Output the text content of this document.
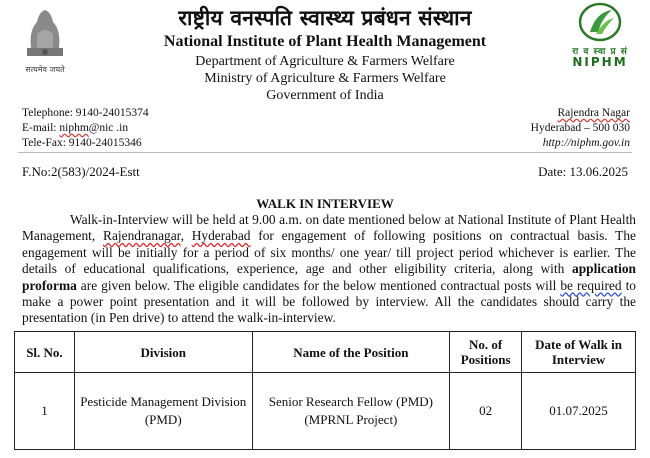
सत्यमेव जयते
राष्ट्रीय वनस्पति स्वास्थ्य प्रबंधन संस्थान
National Institute of Plant Health Management
Department of Agriculture & Farmers Welfare
Ministry of Agriculture & Farmers Welfare
Government of India
रा व स्वा प्र सं
NIPHM
Telephone: 9140-24015374
E-mail: niphm@nic .in
Tele-Fax: 9140-24015346
Rajendra Nagar
Hyderabad – 500 030
http://niphm.gov.in
F.No:2(583)/2024-Estt	Date: 13.06.2025
WALK IN INTERVIEW
Walk-in-Interview will be held at 9.00 a.m. on date mentioned below at National Institute of Plant Health Management, Rajendranagar, Hyderabad for engagement of following positions on contractual basis. The engagement will be initially for a period of six months/ one year/ till project period whichever is earlier. The details of educational qualifications, experience, age and other eligibility criteria, along with application proforma are given below. The eligible candidates for the below mentioned contractual posts will be required to make a power point presentation and it will be followed by interview. All the candidates should carry the presentation (in Pen drive) to attend the walk-in-interview.
Sl. No.	Division	Name of the Position	No. of Positions	Date of Walk in Interview
1	Pesticide Management Division (PMD)	Senior Research Fellow (PMD) (MPRNL Project)	02	01.07.2025
